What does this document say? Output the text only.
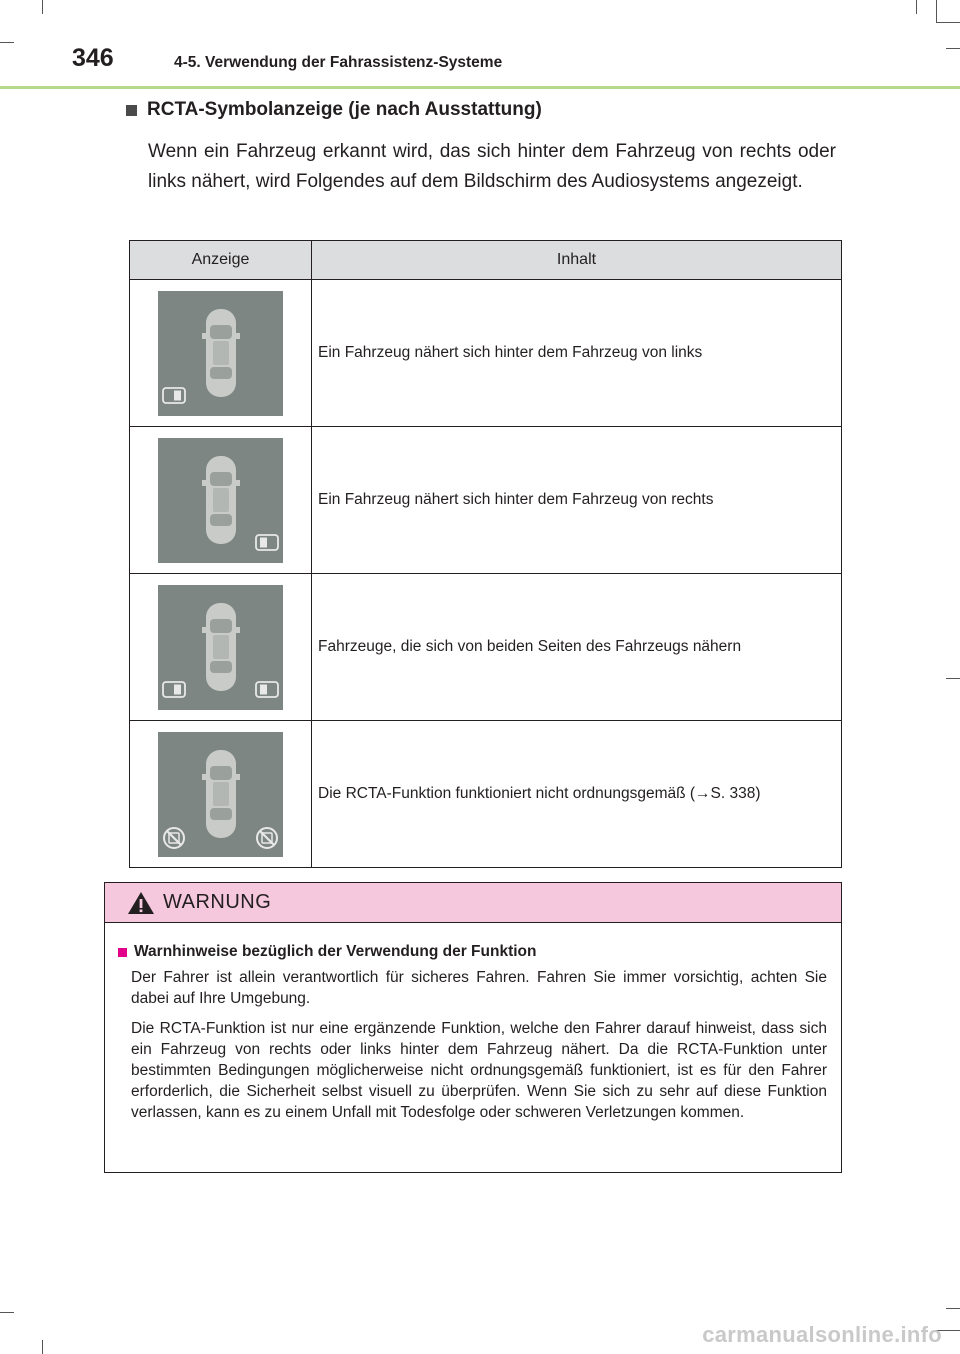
346	4-5. Verwendung der Fahrassistenz-Systeme
RCTA-Symbolanzeige (je nach Ausstattung)
Wenn ein Fahrzeug erkannt wird, das sich hinter dem Fahrzeug von rechts oder links nähert, wird Folgendes auf dem Bildschirm des Audiosystems angezeigt.
Anzeige	Inhalt

	Ein Fahrzeug nähert sich hinter dem Fahrzeug von links

	Ein Fahrzeug nähert sich hinter dem Fahrzeug von rechts

	Fahrzeuge, die sich von beiden Seiten des Fahrzeugs nähern

	Die RCTA-Funktion funktioniert nicht ordnungsgemäß (→S. 338)
WARNUNG
Warnhinweise bezüglich der Verwendung der Funktion

Der Fahrer ist allein verantwortlich für sicheres Fahren. Fahren Sie immer vorsichtig, achten Sie dabei auf Ihre Umgebung.

Die RCTA-Funktion ist nur eine ergänzende Funktion, welche den Fahrer darauf hinweist, dass sich ein Fahrzeug von rechts oder links hinter dem Fahrzeug nähert. Da die RCTA-Funktion unter bestimmten Bedingungen möglicherweise nicht ordnungsgemäß funktioniert, ist es für den Fahrer erforderlich, die Sicherheit selbst visuell zu überprüfen. Wenn Sie sich zu sehr auf diese Funktion verlassen, kann es zu einem Unfall mit Todesfolge oder schweren Verletzungen kommen.

carmanualsonline.info
